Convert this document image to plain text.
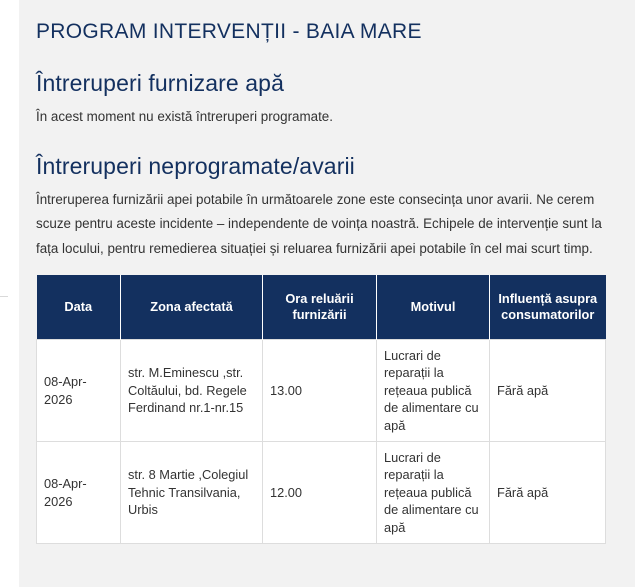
PROGRAM INTERVENȚII - BAIA MARE
Întreruperi furnizare apă

În acest moment nu există întreruperi programate.

Întreruperi neprogramate/avarii

Întreruperea furnizării apei potabile în următoarele zone este consecința unor avarii. Ne cerem scuze pentru aceste incidente – independente de voința noastră. Echipele de intervenție sunt la fața locului, pentru remedierea situației și reluarea furnizării apei potabile în cel mai scurt timp.

Data	Zona afectată	Ora reluării furnizării	Motivul	Influență asupra consumatorilor
08-Apr-2026	str. M.Eminescu ,str. Coltăului, bd. Regele Ferdinand nr.1-nr.15	13.00	Lucrari de reparații la rețeaua publică de alimentare cu apă	Fără apă
08-Apr-2026	str. 8 Martie ,Colegiul Tehnic Transilvania, Urbis	12.00	Lucrari de reparații la rețeaua publică de alimentare cu apă	Fără apă
